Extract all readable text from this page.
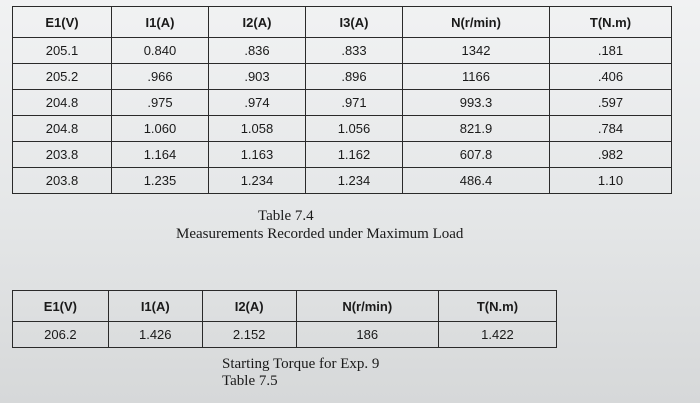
E1(V)	I1(A)	I2(A)	I3(A)	N(r/min)	T(N.m)
205.1	0.840	.836	.833	1342	.181
205.2	.966	.903	.896	1166	.406
204.8	.975	.974	.971	993.3	.597
204.8	1.060	1.058	1.056	821.9	.784
203.8	1.164	1.163	1.162	607.8	.982
203.8	1.235	1.234	1.234	486.4	1.10
Table 7.4
Measurements Recorded under Maximum Load
E1(V)	I1(A)	I2(A)	N(r/min)	T(N.m)
206.2	1.426	2.152	186	1.422
Starting Torque for Exp. 9
Table 7.5
